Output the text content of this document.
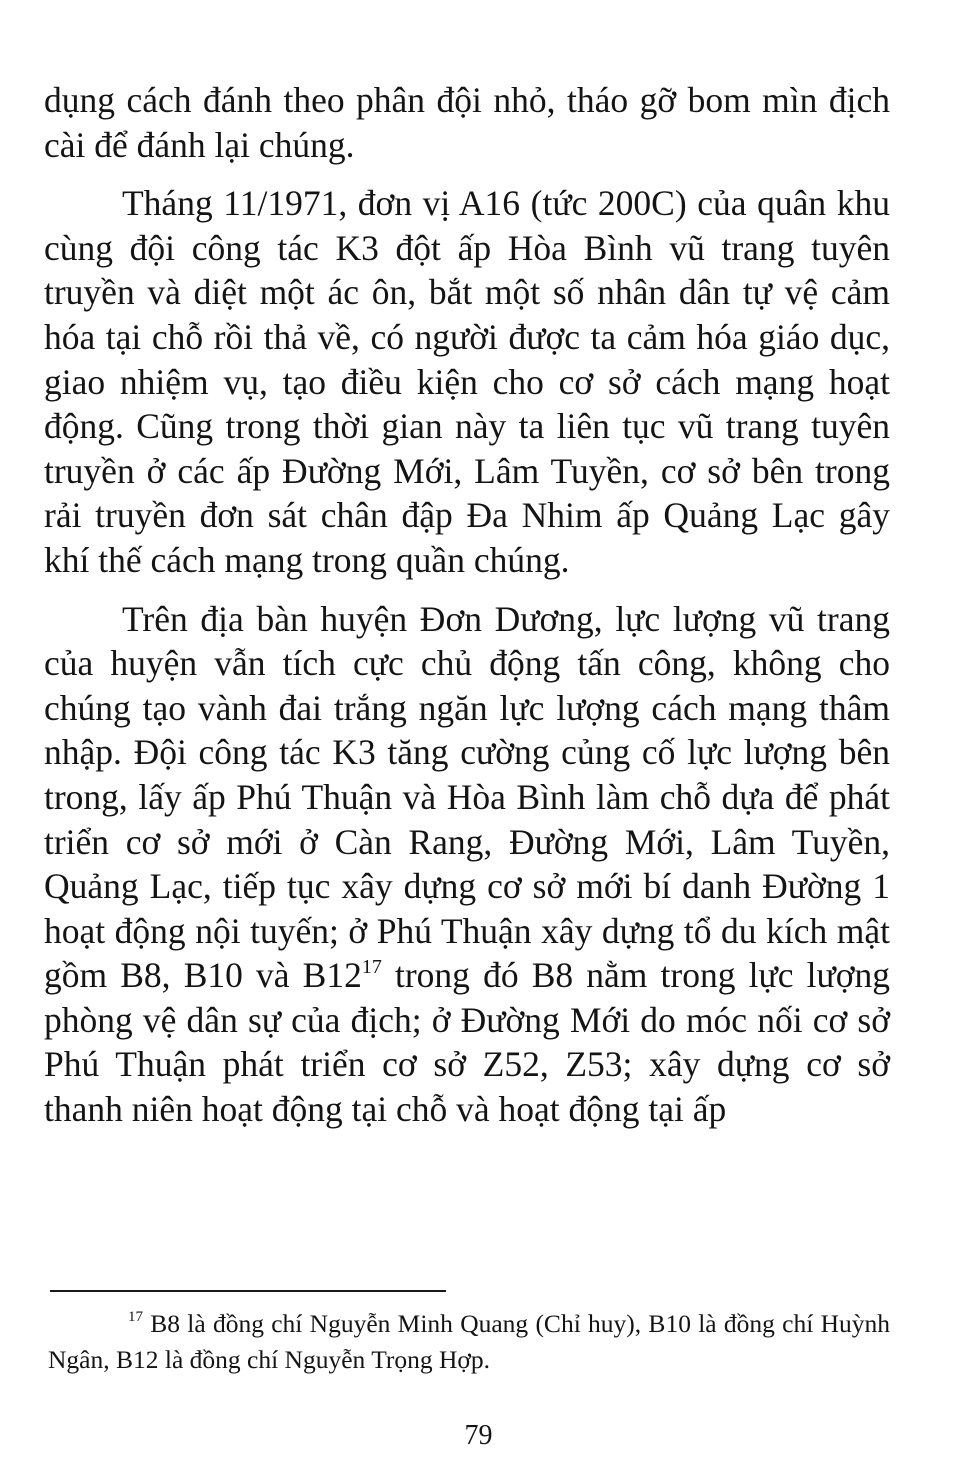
dụng cách đánh theo phân đội nhỏ, tháo gỡ bom mìn địch cài để đánh lại chúng.

Tháng 11/1971, đơn vị A16 (tức 200C) của quân khu cùng đội công tác K3 đột ấp Hòa Bình vũ trang tuyên truyền và diệt một ác ôn, bắt một số nhân dân tự vệ cảm hóa tại chỗ rồi thả về, có người được ta cảm hóa giáo dục, giao nhiệm vụ, tạo điều kiện cho cơ sở cách mạng hoạt động. Cũng trong thời gian này ta liên tục vũ trang tuyên truyền ở các ấp Đường Mới, Lâm Tuyền, cơ sở bên trong rải truyền đơn sát chân đập Đa Nhim ấp Quảng Lạc gây khí thế cách mạng trong quần chúng.

Trên địa bàn huyện Đơn Dương, lực lượng vũ trang của huyện vẫn tích cực chủ động tấn công, không cho chúng tạo vành đai trắng ngăn lực lượng cách mạng thâm nhập. Đội công tác K3 tăng cường củng cố lực lượng bên trong, lấy ấp Phú Thuận và Hòa Bình làm chỗ dựa để phát triển cơ sở mới ở Càn Rang, Đường Mới, Lâm Tuyền, Quảng Lạc, tiếp tục xây dựng cơ sở mới bí danh Đường 1 hoạt động nội tuyến; ở Phú Thuận xây dựng tổ du kích mật gồm B8, B10 và $B12^{17}$ trong đó B8 nằm trong lực lượng phòng vệ dân sự của địch; ở Đường Mới do móc nối cơ sở Phú Thuận phát triển cơ sở Z52, Z53; xây dựng cơ sở thanh niên hoạt động tại chỗ và hoạt động tại ấp

$^{17}$ B8 là đồng chí Nguyễn Minh Quang (Chỉ huy), B10 là đồng chí Huỳnh Ngân, B12 là đồng chí Nguyễn Trọng Hợp.
79
